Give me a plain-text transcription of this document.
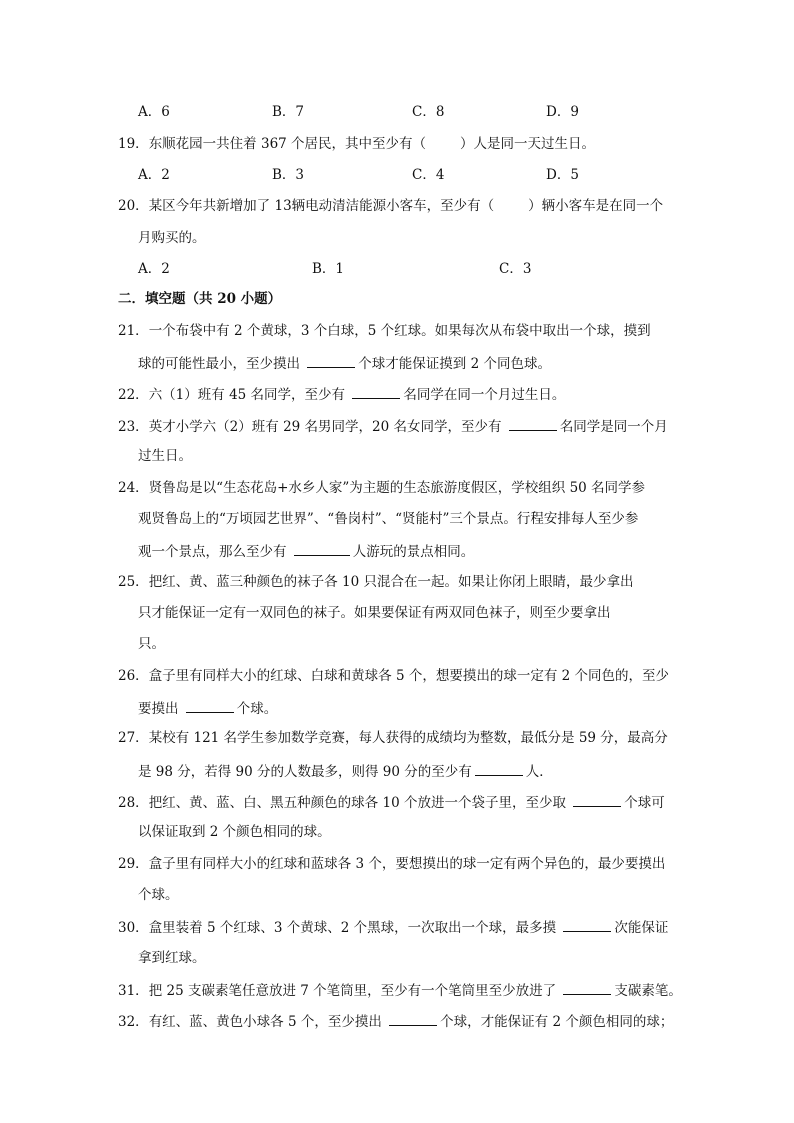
A．6	B．7	C．8	D．9
19．东顺花园一共住着 367 个居民，其中至少有（	）人是同一天过生日。
A．2	B．3	C．4	D．5
20．某区今年共新增加了 13辆电动清洁能源小客车，至少有（	）辆小客车是在同一个
月购买的。
A．2	B．1	C．3
二．填空题（共 20 小题）
21．一个布袋中有 2 个黄球，3 个白球，5 个红球。如果每次从布袋中取出一个球，摸到
球的可能性最小，至少摸出	个球才能保证摸到 2 个同色球。
22．六（1）班有 45 名同学，至少有	名同学在同一个月过生日。
23．英才小学六（2）班有 29 名男同学，20 名女同学，至少有	名同学是同一个月
过生日。
24．贤鲁岛是以“生态花岛+水乡人家”为主题的生态旅游度假区，学校组织 50 名同学参
观贤鲁岛上的“万顷园艺世界”、“鲁岗村”、“贤能村”三个景点。行程安排每人至少参
观一个景点，那么至少有	人游玩的景点相同。
25．把红、黄、蓝三种颜色的袜子各 10 只混合在一起。如果让你闭上眼睛，最少拿出
只才能保证一定有一双同色的袜子。如果要保证有两双同色袜子，则至少要拿出
只。
26．盒子里有同样大小的红球、白球和黄球各 5 个，想要摸出的球一定有 2 个同色的，至少
要摸出	个球。
27．某校有 121 名学生参加数学竞赛，每人获得的成绩均为整数，最低分是 59 分，最高分
是 98 分，若得 90 分的人数最多，则得 90 分的至少有	人．
28．把红、黄、蓝、白、黑五种颜色的球各 10 个放进一个袋子里，至少取	个球可
以保证取到 2 个颜色相同的球。
29．盒子里有同样大小的红球和蓝球各 3 个，要想摸出的球一定有两个异色的，最少要摸出
个球。
30．盒里装着 5 个红球、3 个黄球、2 个黑球，一次取出一个球，最多摸	次能保证
拿到红球。
31．把 25 支碳素笔任意放进 7 个笔筒里，至少有一个笔筒里至少放进了	支碳素笔。
32．有红、蓝、黄色小球各 5 个，至少摸出	个球，才能保证有 2 个颜色相同的球；
